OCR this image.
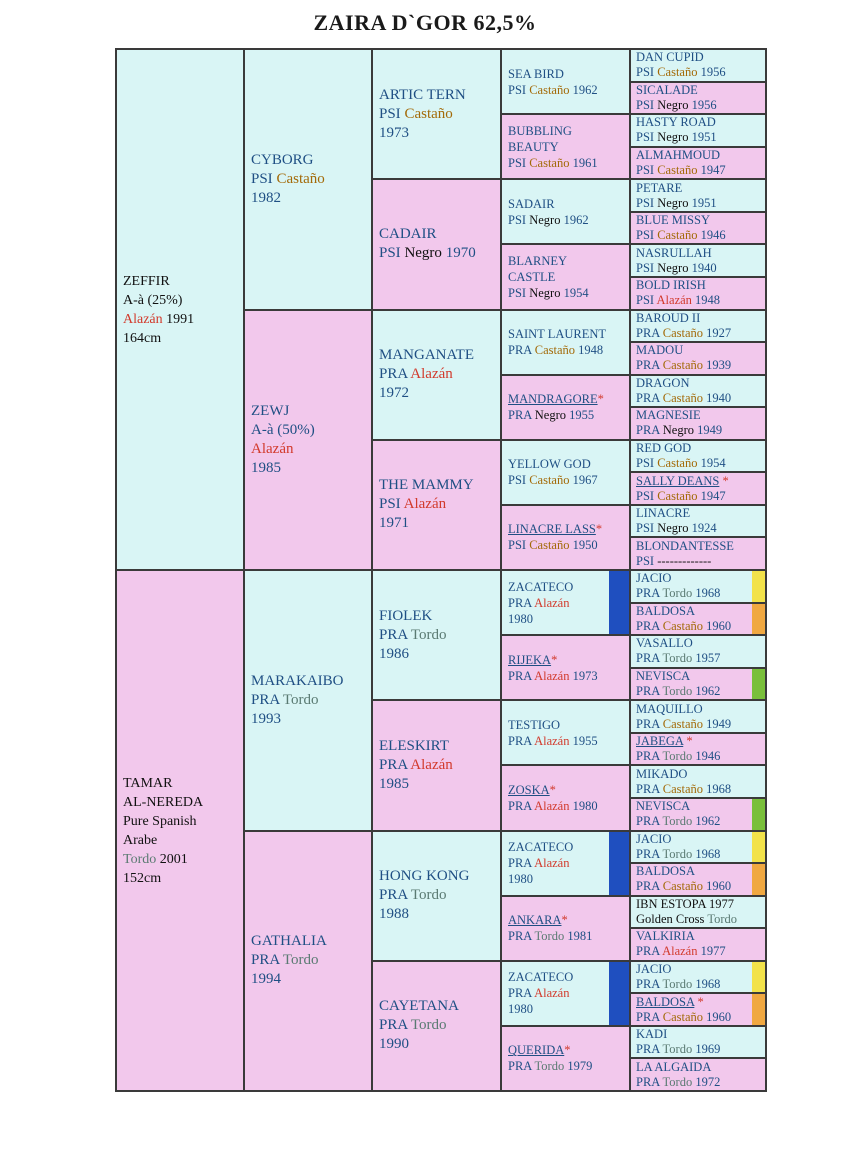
ZAIRA D`GOR 62,5%
ZEFFIR
A-à (25%)
Alazán 1991
164cm
TAMAR
AL-NEREDA
Pure Spanish
Arabe
Tordo 2001
152cm
CYBORG
PSI Castaño
1982
ZEWJ
A-à (50%)
Alazán
1985
MARAKAIBO
PRA Tordo
1993
GATHALIA
PRA Tordo
1994
ARTIC TERN
PSI Castaño
1973
CADAIR
PSI Negro 1970
MANGANATE
PRA Alazán
1972
THE MAMMY
PSI Alazán
1971
FIOLEK
PRA Tordo
1986
ELESKIRT
PRA Alazán
1985
HONG KONG
PRA Tordo
1988
CAYETANA
PRA Tordo
1990
SEA BIRD
PSI Castaño 1962
BUBBLING
BEAUTY
PSI Castaño 1961
SADAIR
PSI Negro 1962
BLARNEY
CASTLE
PSI Negro 1954
SAINT LAURENT
PRA Castaño 1948
MANDRAGORE*
PRA Negro 1955
YELLOW GOD
PSI Castaño 1967
LINACRE LASS*
PSI Castaño 1950
ZACATECO
PRA Alazán
1980
RIJEKA*
PRA Alazán 1973
TESTIGO
PRA Alazán 1955
ZOSKA*
PRA Alazán 1980
ZACATECO
PRA Alazán
1980
ANKARA*
PRA Tordo 1981
ZACATECO
PRA Alazán
1980
QUERIDA*
PRA Tordo 1979
DAN CUPID
PSI Castaño 1956
SICALADE
PSI Negro 1956
HASTY ROAD
PSI Negro 1951
ALMAHMOUD
PSI Castaño 1947
PETARE
PSI Negro 1951
BLUE MISSY
PSI Castaño 1946
NASRULLAH
PSI Negro 1940
BOLD IRISH
PSI Alazán 1948
BAROUD II
PRA Castaño 1927
MADOU
PRA Castaño 1939
DRAGON
PRA Castaño 1940
MAGNESIE
PRA Negro 1949
RED GOD
PSI Castaño 1954
SALLY DEANS *
PSI Castaño 1947
LINACRE
PSI Negro 1924
BLONDANTESSE
PSI -------------
JACIO
PRA Tordo 1968
BALDOSA
PRA Castaño 1960
VASALLO
PRA Tordo 1957
NEVISCA
PRA Tordo 1962
MAQUILLO
PRA Castaño 1949
JABEGA *
PRA Tordo 1946
MIKADO
PRA Castaño 1968
NEVISCA
PRA Tordo 1962
JACIO
PRA Tordo 1968
BALDOSA
PRA Castaño 1960
IBN ESTOPA 1977
Golden Cross Tordo
VALKIRIA
PRA Alazán 1977
JACIO
PRA Tordo 1968
BALDOSA *
PRA Castaño 1960
KADI
PRA Tordo 1969
LA ALGAIDA
PRA Tordo 1972
